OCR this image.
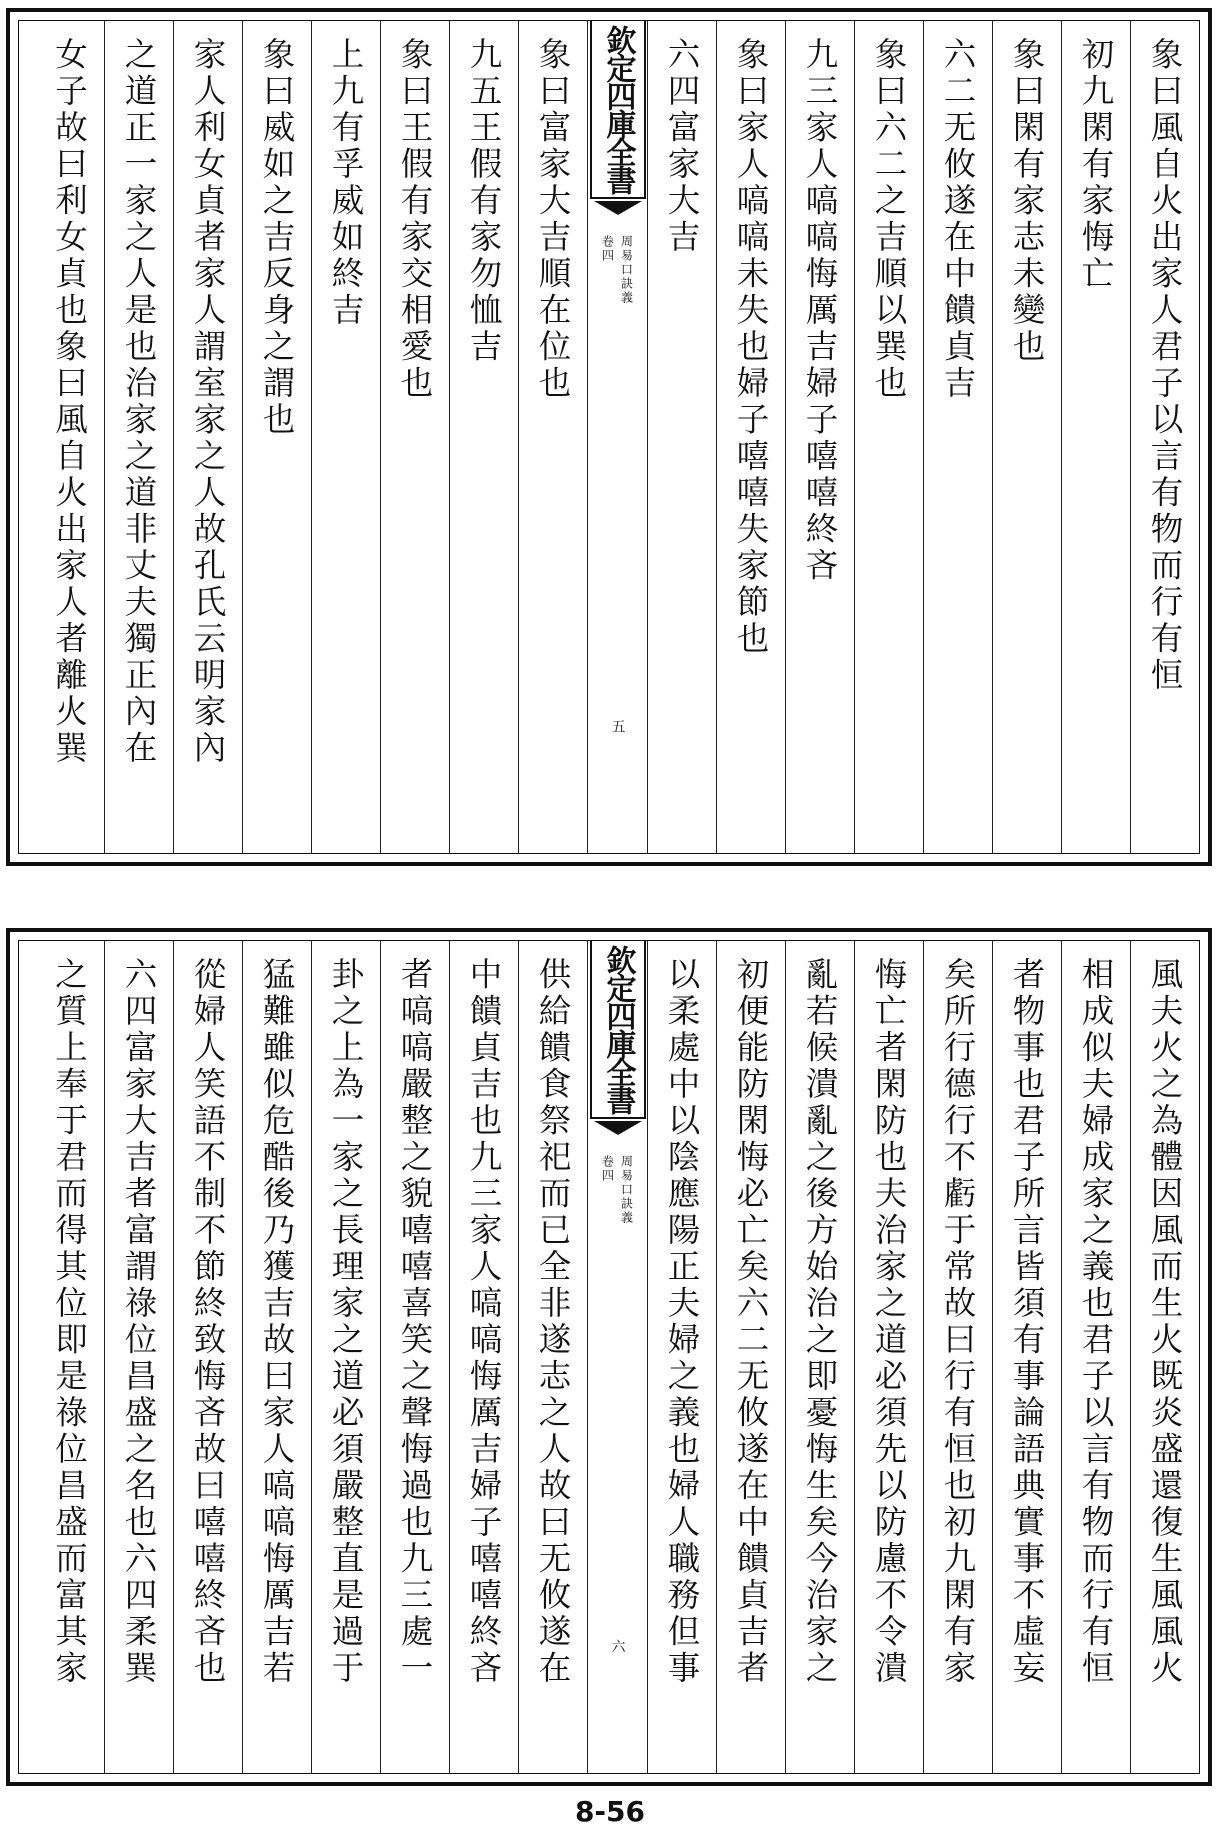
象曰風自火出家人君子以言有物而行有恒
初九閑有家悔亡
象曰閑有家志未變也
六二无攸遂在中饋貞吉
象曰六二之吉順以巽也
九三家人嗃嗃悔厲吉婦子嘻嘻終吝
象曰家人嗃嗃未失也婦子嘻嘻失家節也
六四富家大吉
欽定四庫全書
周易口訣義
卷四
五
象曰富家大吉順在位也
九五王假有家勿恤吉
象曰王假有家交相愛也
上九有孚威如終吉
象曰威如之吉反身之謂也
家人利女貞者家人謂室家之人故孔氏云明家內
之道正一家之人是也治家之道非丈夫獨正內在
女子故曰利女貞也象曰風自火出家人者離火巽
風夫火之為體因風而生火既炎盛還復生風風火
相成似夫婦成家之義也君子以言有物而行有恒
者物事也君子所言皆須有事論語典實事不虛妄
矣所行德行不虧于常故曰行有恒也初九閑有家
悔亡者閑防也夫治家之道必須先以防慮不令潰
亂若候潰亂之後方始治之即憂悔生矣今治家之
初便能防閑悔必亡矣六二无攸遂在中饋貞吉者
以柔處中以陰應陽正夫婦之義也婦人職務但事
欽定四庫全書
周易口訣義
卷四
六
供給饋食祭祀而已全非遂志之人故曰无攸遂在
中饋貞吉也九三家人嗃嗃悔厲吉婦子嘻嘻終吝
者嗃嗃嚴整之貌嘻嘻喜笑之聲悔過也九三處一
卦之上為一家之長理家之道必須嚴整直是過于
猛難雖似危酷後乃獲吉故曰家人嗃嗃悔厲吉若
從婦人笑語不制不節終致悔吝故曰嘻嘻終吝也
六四富家大吉者富謂祿位昌盛之名也六四柔巽
之質上奉于君而得其位即是祿位昌盛而富其家
8-56
